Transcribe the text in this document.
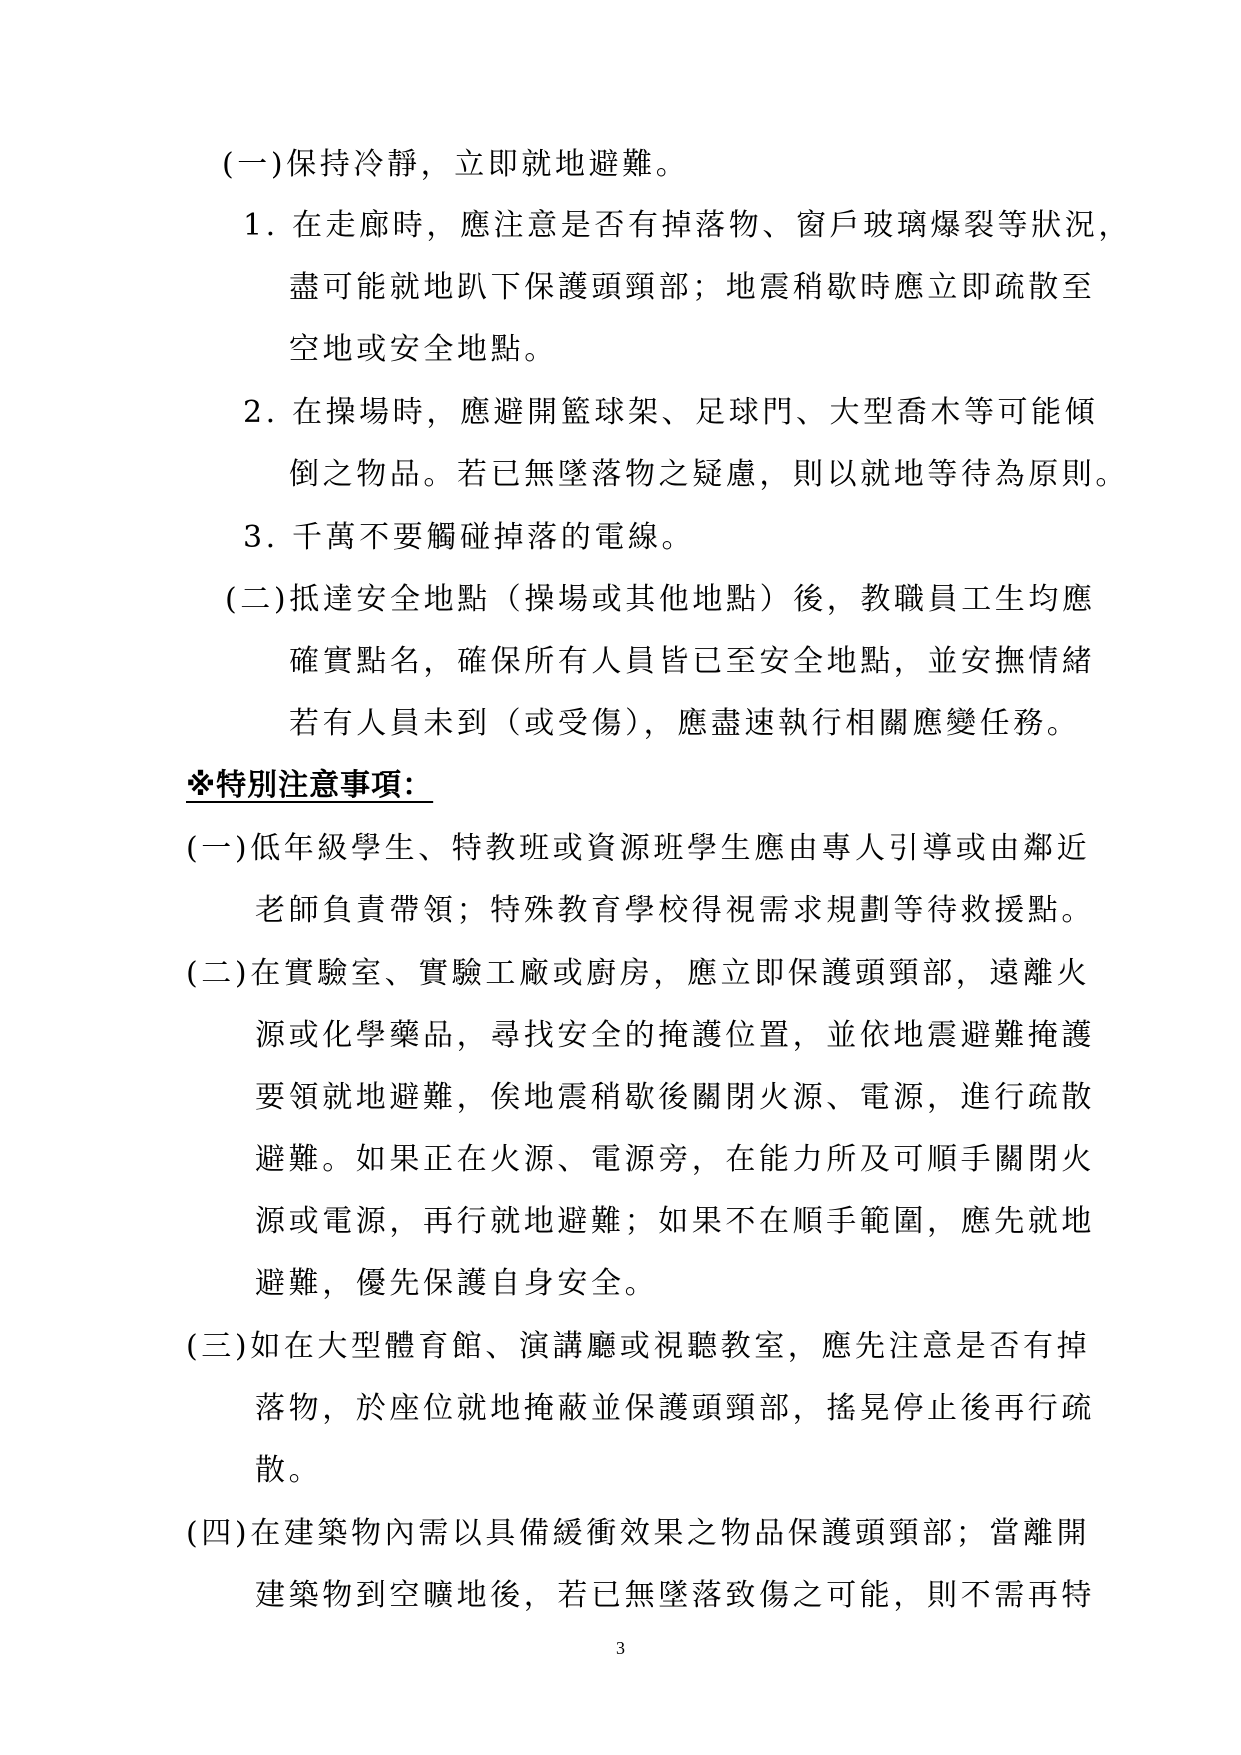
(一)保持冷靜，立即就地避難。
1. 在走廊時，應注意是否有掉落物、窗戶玻璃爆裂等狀況，
盡可能就地趴下保護頭頸部；地震稍歇時應立即疏散至
空地或安全地點。
2. 在操場時，應避開籃球架、足球門、大型喬木等可能傾
倒之物品。若已無墜落物之疑慮，則以就地等待為原則。
3. 千萬不要觸碰掉落的電線。
(二)抵達安全地點（操場或其他地點）後，教職員工生均應
確實點名，確保所有人員皆已至安全地點，並安撫情緒
若有人員未到（或受傷），應盡速執行相關應變任務。
※特別注意事項：
(一)低年級學生、特教班或資源班學生應由專人引導或由鄰近
老師負責帶領；特殊教育學校得視需求規劃等待救援點。
(二)在實驗室、實驗工廠或廚房，應立即保護頭頸部，遠離火
源或化學藥品，尋找安全的掩護位置，並依地震避難掩護
要領就地避難，俟地震稍歇後關閉火源、電源，進行疏散
避難。如果正在火源、電源旁，在能力所及可順手關閉火
源或電源，再行就地避難；如果不在順手範圍，應先就地
避難，優先保護自身安全。
(三)如在大型體育館、演講廳或視聽教室，應先注意是否有掉
落物，於座位就地掩蔽並保護頭頸部，搖晃停止後再行疏
散。
(四)在建築物內需以具備緩衝效果之物品保護頭頸部；當離開
建築物到空曠地後，若已無墜落致傷之可能，則不需再特
3
